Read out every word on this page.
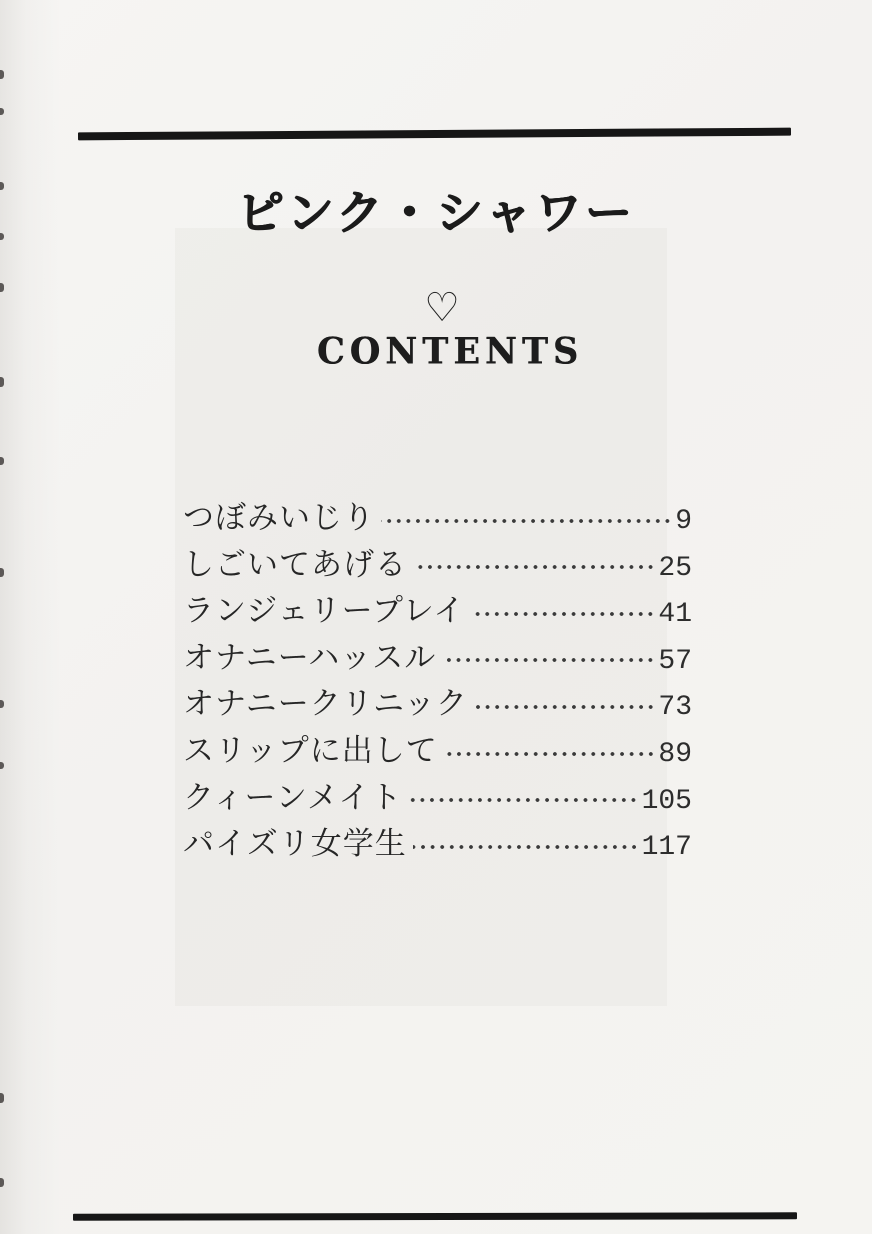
ピンク・シャワー
♡
CONTENTS
つぼみいじり	9
しごいてあげる	25
ランジェリープレイ	41
オナニーハッスル	57
オナニークリニック	73
スリップに出して	89
クィーンメイト	105
パイズリ女学生	117
